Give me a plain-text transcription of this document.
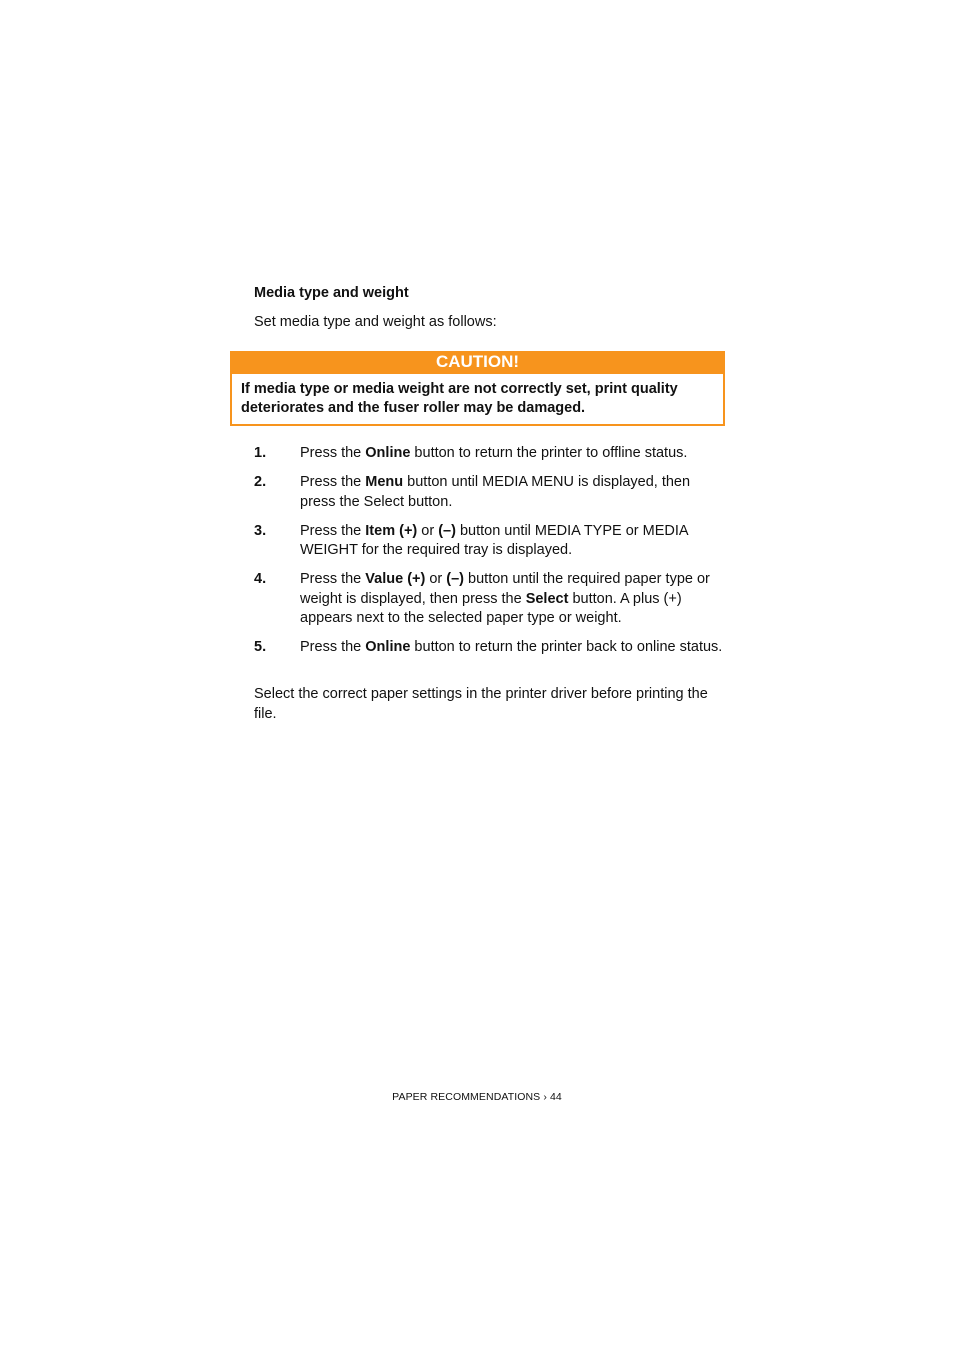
Media type and weight

Set media type and weight as follows:

CAUTION!

If media type or media weight are not correctly set, print quality
deteriorates and the fuser roller may be damaged.

1.	Press the Online button to return the printer to offline status.
2.	Press the Menu button until MEDIA MENU is displayed, then press the Select button.
3.	Press the Item (+) or (–) button until MEDIA TYPE or MEDIA WEIGHT for the required tray is displayed.
4.	Press the Value (+) or (–) button until the required paper type or weight is displayed, then press the Select button. A plus (+) appears next to the selected paper type or weight.
5.	Press the Online button to return the printer back to online status.

Select the correct paper settings in the printer driver before printing the file.

PAPER RECOMMENDATIONS › 44
